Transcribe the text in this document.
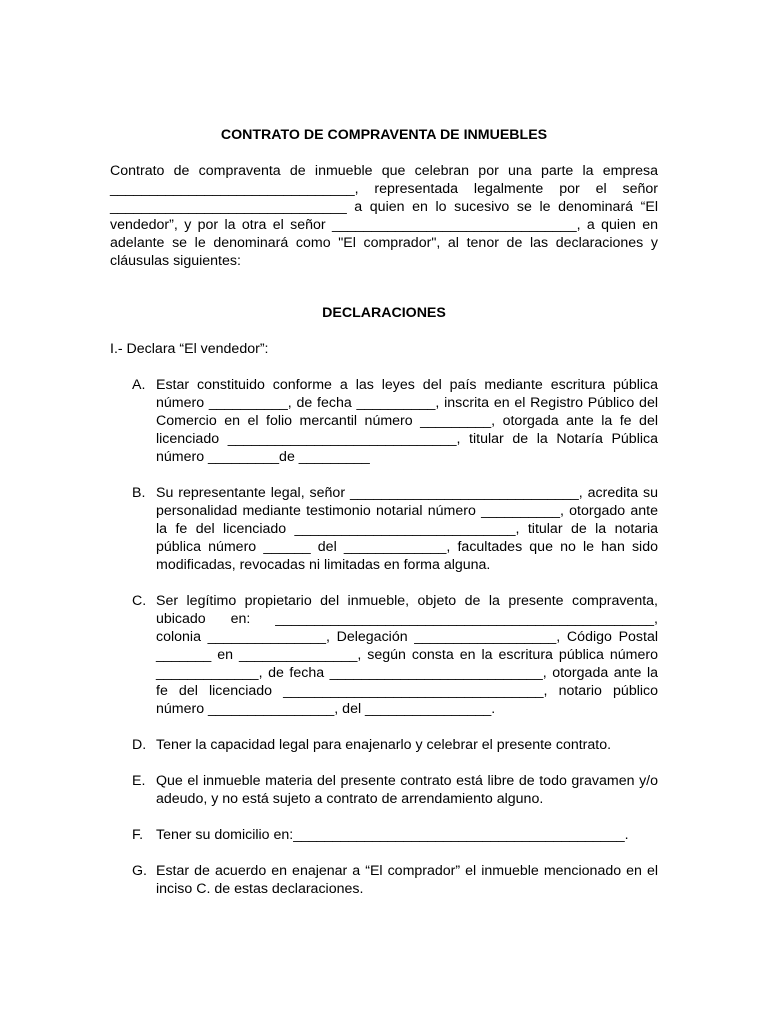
CONTRATO DE COMPRAVENTA DE INMUEBLES

Contrato de compraventa de inmueble que celebran por una parte la empresa _______________________________, representada legalmente por el señor ______________________________ a quien en lo sucesivo se le denominará “El vendedor”, y por la otra el señor _______________________________, a quien en adelante se le denominará como "El comprador", al tenor de las declaraciones y cláusulas siguientes:

DECLARACIONES

I.- Declara “El vendedor”:

A. Estar constituido conforme a las leyes del país mediante escritura pública número __________, de fecha __________, inscrita en el Registro Público del Comercio en el folio mercantil número _________, otorgada ante la fe del licenciado _____________________________, titular de la Notaría Pública número _________de _________
B. Su representante legal, señor _____________________________, acredita su personalidad mediante testimonio notarial número __________, otorgado ante la fe del licenciado ____________________________, titular de la notaria pública número ______ del _____________, facultades que no le han sido modificadas, revocadas ni limitadas en forma alguna.
C. Ser legítimo propietario del inmueble, objeto de la presente compraventa, ubicado en: ________________________________________________, colonia _______________, Delegación __________________, Código Postal _______ en _______________, según consta en la escritura pública número _____________, de fecha ___________________________, otorgada ante la fe del licenciado _________________________________, notario público número ________________, del ________________.
D. Tener la capacidad legal para enajenarlo y celebrar el presente contrato.
E. Que el inmueble materia del presente contrato está libre de todo gravamen y/o adeudo, y no está sujeto a contrato de arrendamiento alguno.
F. Tener su domicilio en:__________________________________________.
G. Estar de acuerdo en enajenar a “El comprador” el inmueble mencionado en el inciso C. de estas declaraciones.
